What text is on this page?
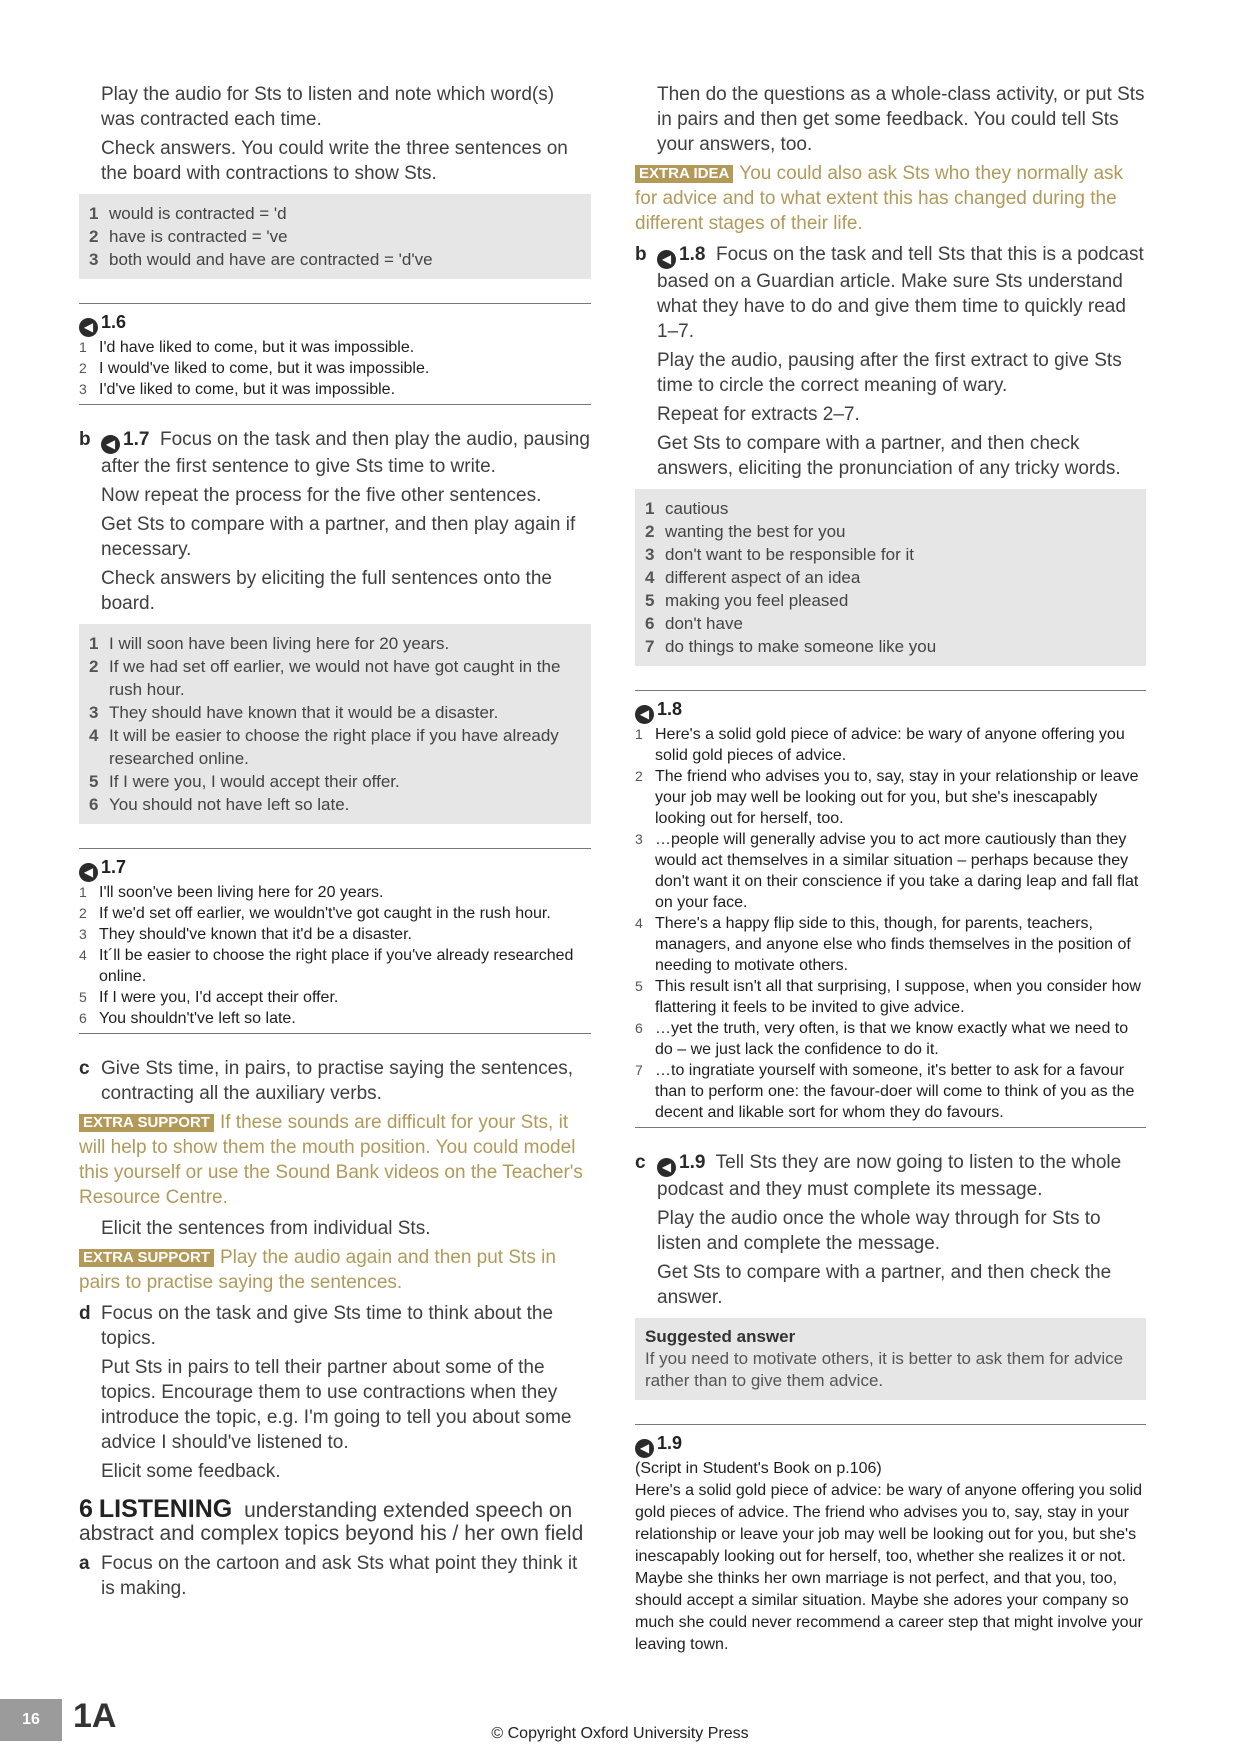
Play the audio for Sts to listen and note which word(s) was contracted each time.

Check answers. You could write the three sentences on the board with contractions to show Sts.

1 would is contracted = 'd
2 have is contracted = 've
3 both would and have are contracted = 'd've
◀ 1.6
1 I'd have liked to come, but it was impossible.
2 I would've liked to come, but it was impossible.
3 I'd've liked to come, but it was impossible.

b ◀ 1.7 Focus on the task and then play the audio, pausing after the first sentence to give Sts time to write.

Now repeat the process for the five other sentences.

Get Sts to compare with a partner, and then play again if necessary.

Check answers by eliciting the full sentences onto the board.

1 I will soon have been living here for 20 years.
2 If we had set off earlier, we would not have got caught in the rush hour.
3 They should have known that it would be a disaster.
4 It will be easier to choose the right place if you have already researched online.
5 If I were you, I would accept their offer.
6 You should not have left so late.
◀ 1.7
1 I'll soon've been living here for 20 years.
2 If we'd set off earlier, we wouldn't've got caught in the rush hour.
3 They should've known that it'd be a disaster.
4 It´ll be easier to choose the right place if you've already researched online.
5 If I were you, I'd accept their offer.
6 You shouldn't've left so late.

c Give Sts time, in pairs, to practise saying the sentences, contracting all the auxiliary verbs.

EXTRA SUPPORT If these sounds are difficult for your Sts, it will help to show them the mouth position. You could model this yourself or use the Sound Bank videos on the Teacher's Resource Centre.

Elicit the sentences from individual Sts.

EXTRA SUPPORT Play the audio again and then put Sts in pairs to practise saying the sentences.

d Focus on the task and give Sts time to think about the topics.

Put Sts in pairs to tell their partner about some of the topics. Encourage them to use contractions when they introduce the topic, e.g. I'm going to tell you about some advice I should've listened to.

Elicit some feedback.

6 LISTENING understanding extended speech on abstract and complex topics beyond his / her own field

a Focus on the cartoon and ask Sts what point they think it is making.

Then do the questions as a whole-class activity, or put Sts in pairs and then get some feedback. You could tell Sts your answers, too.

EXTRA IDEA You could also ask Sts who they normally ask for advice and to what extent this has changed during the different stages of their life.

b ◀ 1.8 Focus on the task and tell Sts that this is a podcast based on a Guardian article. Make sure Sts understand what they have to do and give them time to quickly read 1–7.

Play the audio, pausing after the first extract to give Sts time to circle the correct meaning of wary.

Repeat for extracts 2–7.

Get Sts to compare with a partner, and then check answers, eliciting the pronunciation of any tricky words.

1 cautious
2 wanting the best for you
3 don't want to be responsible for it
4 different aspect of an idea
5 making you feel pleased
6 don't have
7 do things to make someone like you
◀ 1.8
1 Here's a solid gold piece of advice: be wary of anyone offering you solid gold pieces of advice.
2 The friend who advises you to, say, stay in your relationship or leave your job may well be looking out for you, but she's inescapably looking out for herself, too.
3 …people will generally advise you to act more cautiously than they would act themselves in a similar situation – perhaps because they don't want it on their conscience if you take a daring leap and fall flat on your face.
4 There's a happy flip side to this, though, for parents, teachers, managers, and anyone else who finds themselves in the position of needing to motivate others.
5 This result isn't all that surprising, I suppose, when you consider how flattering it feels to be invited to give advice.
6 …yet the truth, very often, is that we know exactly what we need to do – we just lack the confidence to do it.
7 …to ingratiate yourself with someone, it's better to ask for a favour than to perform one: the favour-doer will come to think of you as the decent and likable sort for whom they do favours.

c ◀ 1.9 Tell Sts they are now going to listen to the whole podcast and they must complete its message.

Play the audio once the whole way through for Sts to listen and complete the message.

Get Sts to compare with a partner, and then check the answer.

Suggested answer
If you need to motivate others, it is better to ask them for advice rather than to give them advice.
◀ 1.9
(Script in Student's Book on p.106)
Here's a solid gold piece of advice: be wary of anyone offering you solid gold pieces of advice. The friend who advises you to, say, stay in your relationship or leave your job may well be looking out for you, but she's inescapably looking out for herself, too, whether she realizes it or not. Maybe she thinks her own marriage is not perfect, and that you, too, should accept a similar situation. Maybe she adores your company so much she could never recommend a career step that might involve your leaving town.
16 1A	© Copyright Oxford University Press
